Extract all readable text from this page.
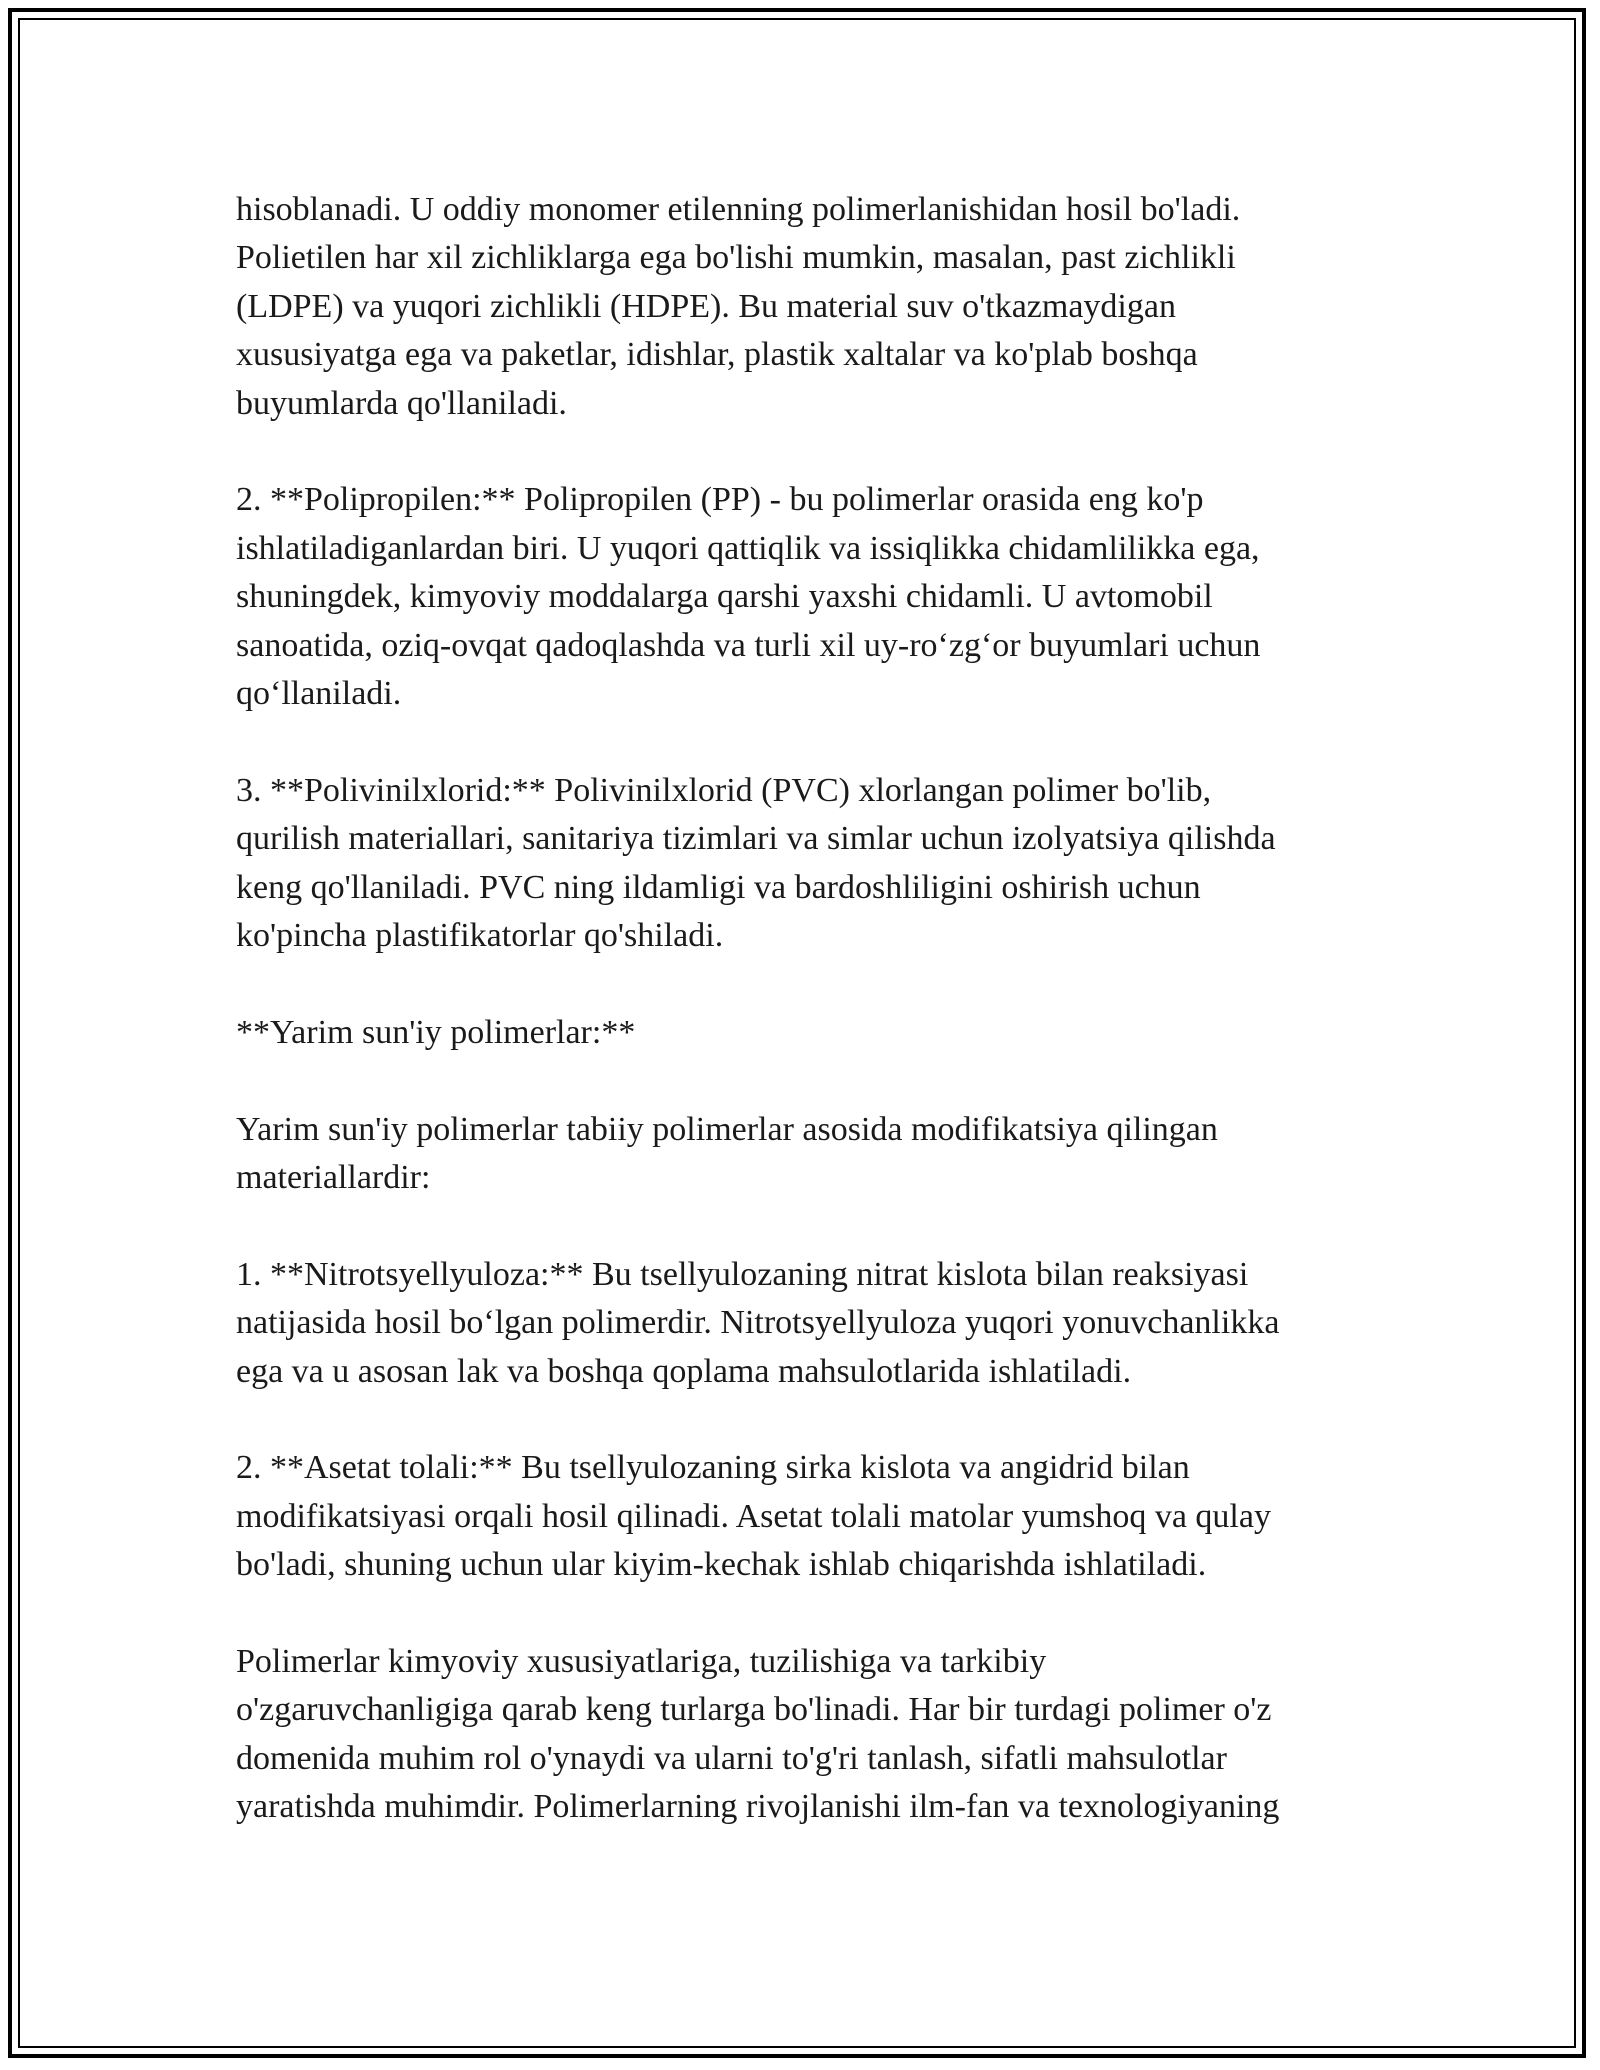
hisoblanadi. U oddiy monomer etilenning polimerlanishidan hosil bo'ladi.
Polietilen har xil zichliklarga ega bo'lishi mumkin, masalan, past zichlikli
(LDPE) va yuqori zichlikli (HDPE). Bu material suv o'tkazmaydigan
xususiyatga ega va paketlar, idishlar, plastik xaltalar va ko'plab boshqa
buyumlarda qo'llaniladi.

2. **Polipropilen:** Polipropilen (PP) - bu polimerlar orasida eng ko'p
ishlatiladiganlardan biri. U yuqori qattiqlik va issiqlikka chidamlilikka ega,
shuningdek, kimyoviy moddalarga qarshi yaxshi chidamli. U avtomobil
sanoatida, oziq-ovqat qadoqlashda va turli xil uy-ro‘zg‘or buyumlari uchun
qo‘llaniladi.

3. **Polivinilxlorid:** Polivinilxlorid (PVC) xlorlangan polimer bo'lib,
qurilish materiallari, sanitariya tizimlari va simlar uchun izolyatsiya qilishda
keng qo'llaniladi. PVC ning ildamligi va bardoshliligini oshirish uchun
ko'pincha plastifikatorlar qo'shiladi.

**Yarim sun'iy polimerlar:**

Yarim sun'iy polimerlar tabiiy polimerlar asosida modifikatsiya qilingan
materiallardir:

1. **Nitrotsyellyuloza:** Bu tsellyulozaning nitrat kislota bilan reaksiyasi
natijasida hosil bo‘lgan polimerdir. Nitrotsyellyuloza yuqori yonuvchanlikka
ega va u asosan lak va boshqa qoplama mahsulotlarida ishlatiladi.

2. **Asetat tolali:** Bu tsellyulozaning sirka kislota va angidrid bilan
modifikatsiyasi orqali hosil qilinadi. Asetat tolali matolar yumshoq va qulay
bo'ladi, shuning uchun ular kiyim-kechak ishlab chiqarishda ishlatiladi.

Polimerlar kimyoviy xususiyatlariga, tuzilishiga va tarkibiy
o'zgaruvchanligiga qarab keng turlarga bo'linadi. Har bir turdagi polimer o'z
domenida muhim rol o'ynaydi va ularni to'g'ri tanlash, sifatli mahsulotlar
yaratishda muhimdir. Polimerlarning rivojlanishi ilm-fan va texnologiyaning
